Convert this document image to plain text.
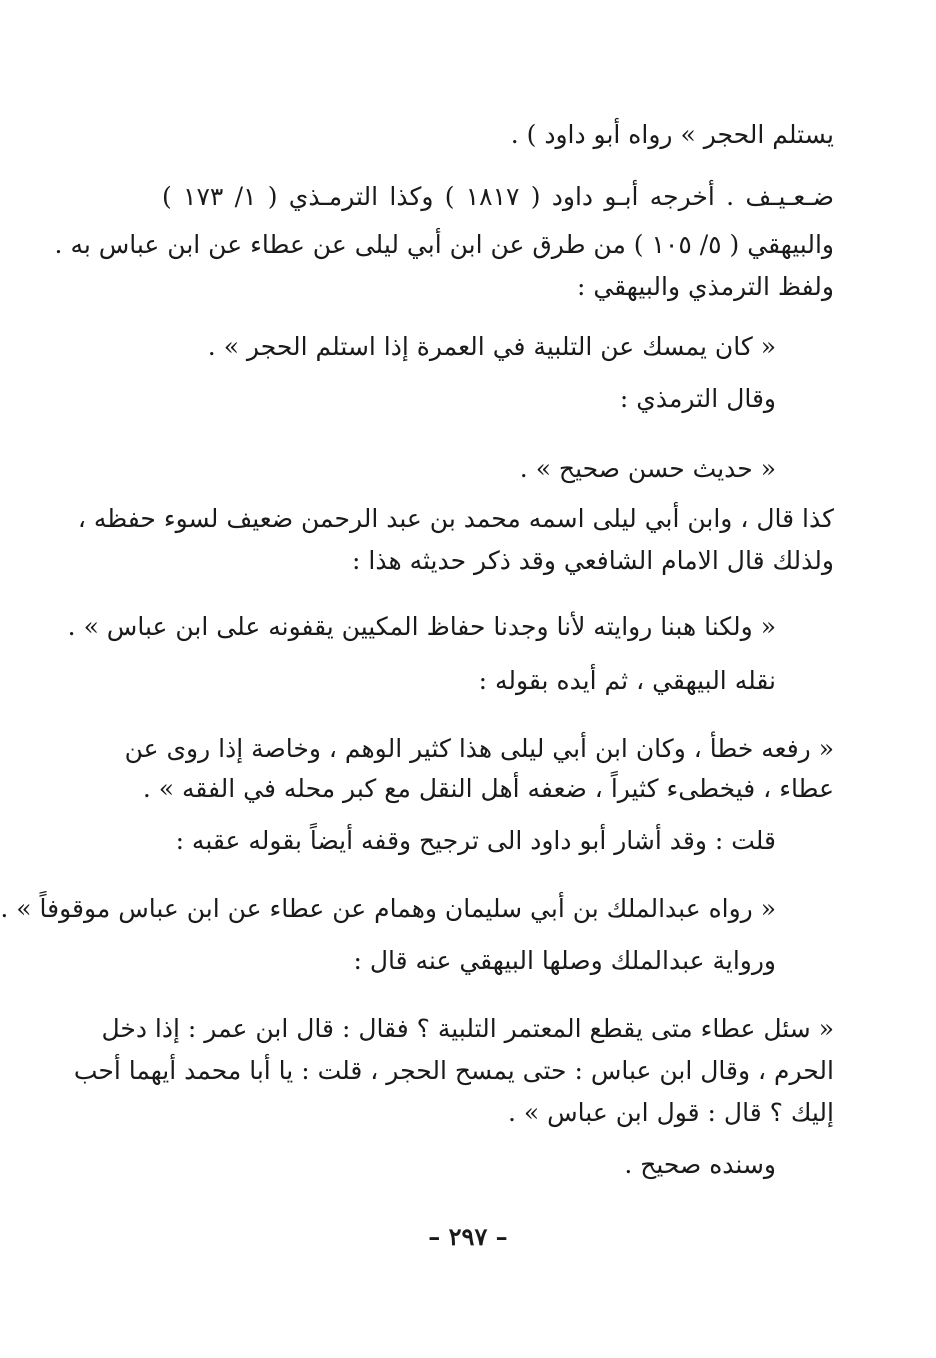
يستلم الحجر » رواه أبو داود ) .
ضـعـيـف . أخرجه أبـو داود ( ١٨١٧ ) وكذا الترمـذي ( ١/ ١٧٣ )
والبيهقي ( ٥/ ١٠٥ ) من طرق عن ابن أبي ليلى عن عطاء عن ابن عباس به .
ولفظ الترمذي والبيهقي :
« كان يمسك عن التلبية في العمرة إذا استلم الحجر » .
وقال الترمذي :
« حديث حسن صحيح » .
كذا قال ، وابن أبي ليلى اسمه محمد بن عبد الرحمن ضعيف لسوء حفظه ،
ولذلك قال الامام الشافعي وقد ذكر حديثه هذا :
« ولكنا هبنا روايته لأنا وجدنا حفاظ المكيين يقفونه على ابن عباس » .
نقله البيهقي ، ثم أيده بقوله :
« رفعه خطأ ، وكان ابن أبي ليلى هذا كثير الوهم ، وخاصة إذا روى عن
عطاء ، فيخطىء كثيراً ، ضعفه أهل النقل مع كبر محله في الفقه » .
قلت : وقد أشار أبو داود الى ترجيح وقفه أيضاً بقوله عقبه :
« رواه عبدالملك بن أبي سليمان وهمام عن عطاء عن ابن عباس موقوفاً » .
ورواية عبدالملك وصلها البيهقي عنه قال :
« سئل عطاء متى يقطع المعتمر التلبية ؟ فقال : قال ابن عمر : إذا دخل
الحرم ، وقال ابن عباس : حتى يمسح الحجر ، قلت : يا أبا محمد أيهما أحب
إليك ؟ قال : قول ابن عباس » .
وسنده صحيح .
– ٢٩٧ –
